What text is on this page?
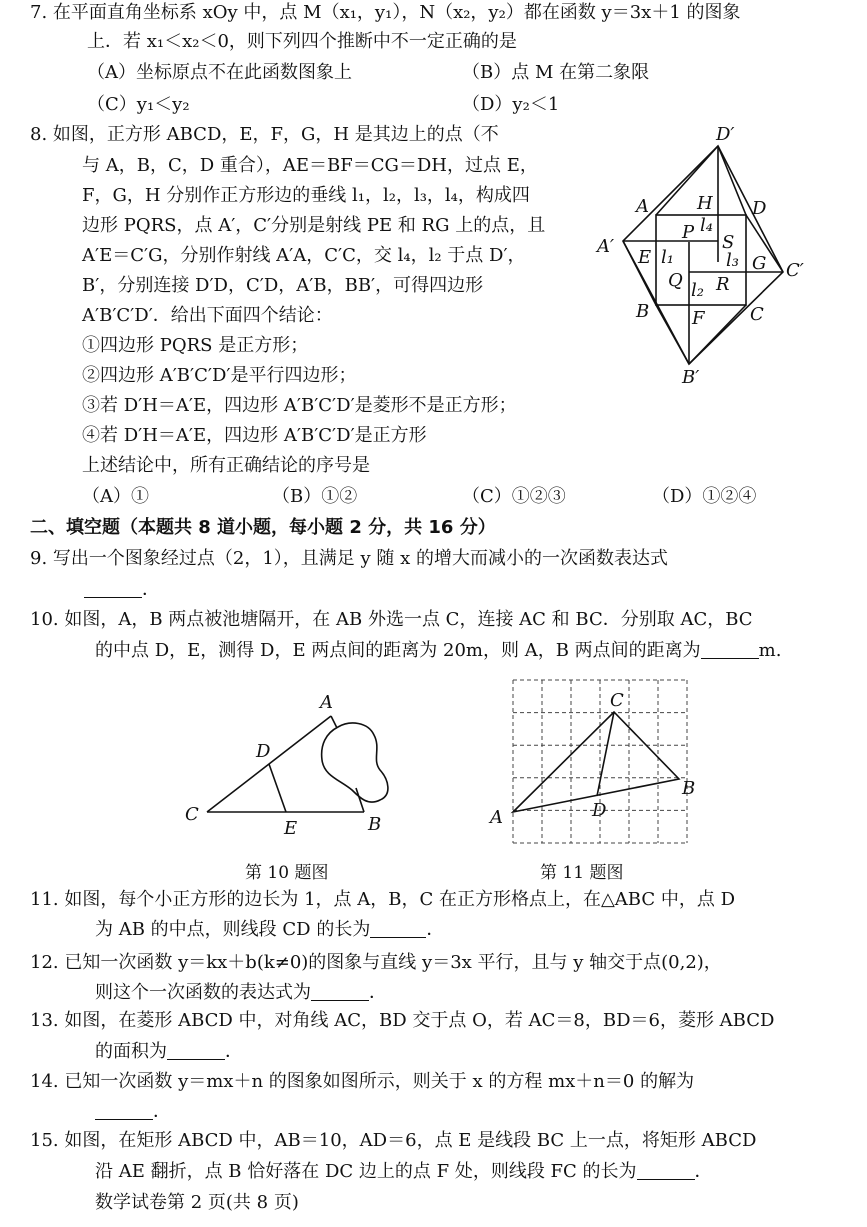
7. 在平面直角坐标系 xOy 中，点 M（x₁，y₁），N（x₂，y₂）都在函数 y＝3x＋1 的图象
上．若 x₁＜x₂＜0，则下列四个推断中不一定正确的是
（A）坐标原点不在此函数图象上	（B）点 M 在第二象限
（C）y₁＜y₂	（D）y₂＜1
8. 如图，正方形 ABCD，E，F，G，H 是其边上的点（不
与 A，B，C，D 重合），AE＝BF＝CG＝DH，过点 E，
F，G，H 分别作正方形边的垂线 l₁，l₂，l₃，l₄，构成四
边形 PQRS，点 A′，C′分别是射线 PE 和 RG 上的点，且
A′E＝C′G，分别作射线 A′A，C′C，交 l₄，l₂ 于点 D′，
B′，分别连接 D′D，C′D，A′B，BB′，可得四边形
A′B′C′D′．给出下面四个结论：
①四边形 PQRS 是正方形；
②四边形 A′B′C′D′是平行四边形；
③若 D′H＝A′E，四边形 A′B′C′D′是菱形不是正方形；
④若 D′H＝A′E，四边形 A′B′C′D′是正方形
上述结论中，所有正确结论的序号是
（A）①	（B）①②	（C）①②③	（D）①②④
D′
A	H D
l₄
P S
A′
E l₁	l₃ G C′
Q R
l₂
B F	C
B′
二、填空题（本题共 8 道小题，每小题 2 分，共 16 分）
9. 写出一个图象经过点（2，1），且满足 y 随 x 的增大而减小的一次函数表达式
．
10. 如图，A，B 两点被池塘隔开，在 AB 外选一点 C，连接 AC 和 BC．分别取 AC，BC
的中点 D，E，测得 D，E 两点间的距离为 20m，则 A，B 两点间的距离为	m.
A
D
C
E	B
第 10 题图
C
A	D
B
第 11 题图
11. 如图，每个小正方形的边长为 1，点 A，B，C 在正方形格点上，在△ABC 中，点 D
为 AB 的中点，则线段 CD 的长为	．
12. 已知一次函数 y＝kx＋b(k≠0)的图象与直线 y＝3x 平行，且与 y 轴交于点(0,2)，
则这个一次函数的表达式为	．
13. 如图，在菱形 ABCD 中，对角线 AC，BD 交于点 O，若 AC＝8，BD＝6，菱形 ABCD
的面积为	．
14. 已知一次函数 y＝mx＋n 的图象如图所示，则关于 x 的方程 mx＋n＝0 的解为
．
15. 如图，在矩形 ABCD 中，AB＝10，AD＝6，点 E 是线段 BC 上一点，将矩形 ABCD
沿 AE 翻折，点 B 恰好落在 DC 边上的点 F 处，则线段 FC 的长为	．
数学试卷第 2 页(共 8 页)
